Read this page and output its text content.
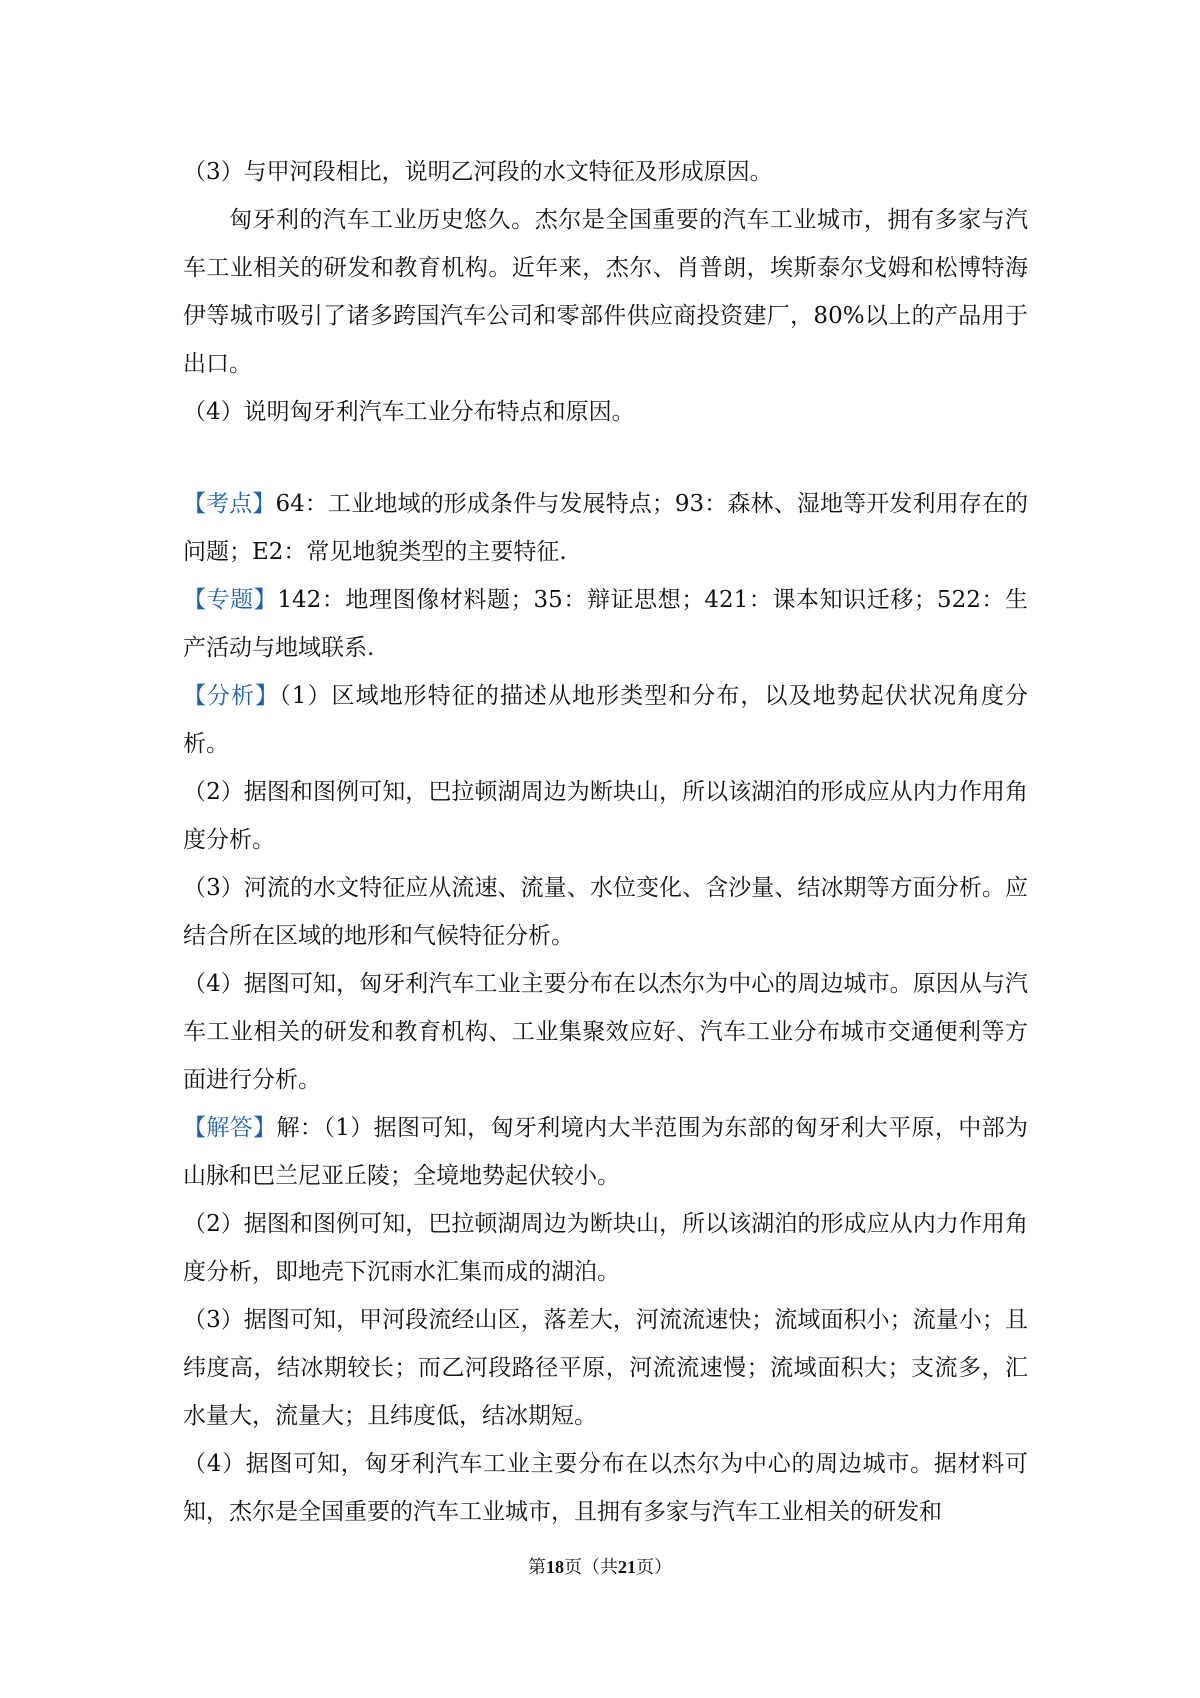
（3）与甲河段相比，说明乙河段的水文特征及形成原因。

匈牙利的汽车工业历史悠久。杰尔是全国重要的汽车工业城市，拥有多家与汽车工业相关的研发和教育机构。近年来，杰尔、肖普朗，埃斯泰尔戈姆和松博特海伊等城市吸引了诸多跨国汽车公司和零部件供应商投资建厂，80%以上的产品用于出口。

（4）说明匈牙利汽车工业分布特点和原因。

【考点】64：工业地域的形成条件与发展特点；93：森林、湿地等开发利用存在的问题；E2：常见地貌类型的主要特征.

【专题】142：地理图像材料题；35：辩证思想；421：课本知识迁移；522：生产活动与地域联系.

【分析】（1）区域地形特征的描述从地形类型和分布，以及地势起伏状况角度分析。

（2）据图和图例可知，巴拉顿湖周边为断块山，所以该湖泊的形成应从内力作用角度分析。

（3）河流的水文特征应从流速、流量、水位变化、含沙量、结冰期等方面分析。应结合所在区域的地形和气候特征分析。

（4）据图可知，匈牙利汽车工业主要分布在以杰尔为中心的周边城市。原因从与汽车工业相关的研发和教育机构、工业集聚效应好、汽车工业分布城市交通便利等方面进行分析。

【解答】解：（1）据图可知，匈牙利境内大半范围为东部的匈牙利大平原，中部为山脉和巴兰尼亚丘陵；全境地势起伏较小。

（2）据图和图例可知，巴拉顿湖周边为断块山，所以该湖泊的形成应从内力作用角度分析，即地壳下沉雨水汇集而成的湖泊。

（3）据图可知，甲河段流经山区，落差大，河流流速快；流域面积小；流量小；且纬度高，结冰期较长；而乙河段路径平原，河流流速慢；流域面积大；支流多，汇水量大，流量大；且纬度低，结冰期短。

（4）据图可知，匈牙利汽车工业主要分布在以杰尔为中心的周边城市。据材料可知，杰尔是全国重要的汽车工业城市，且拥有多家与汽车工业相关的研发和

第18页（共21页）
